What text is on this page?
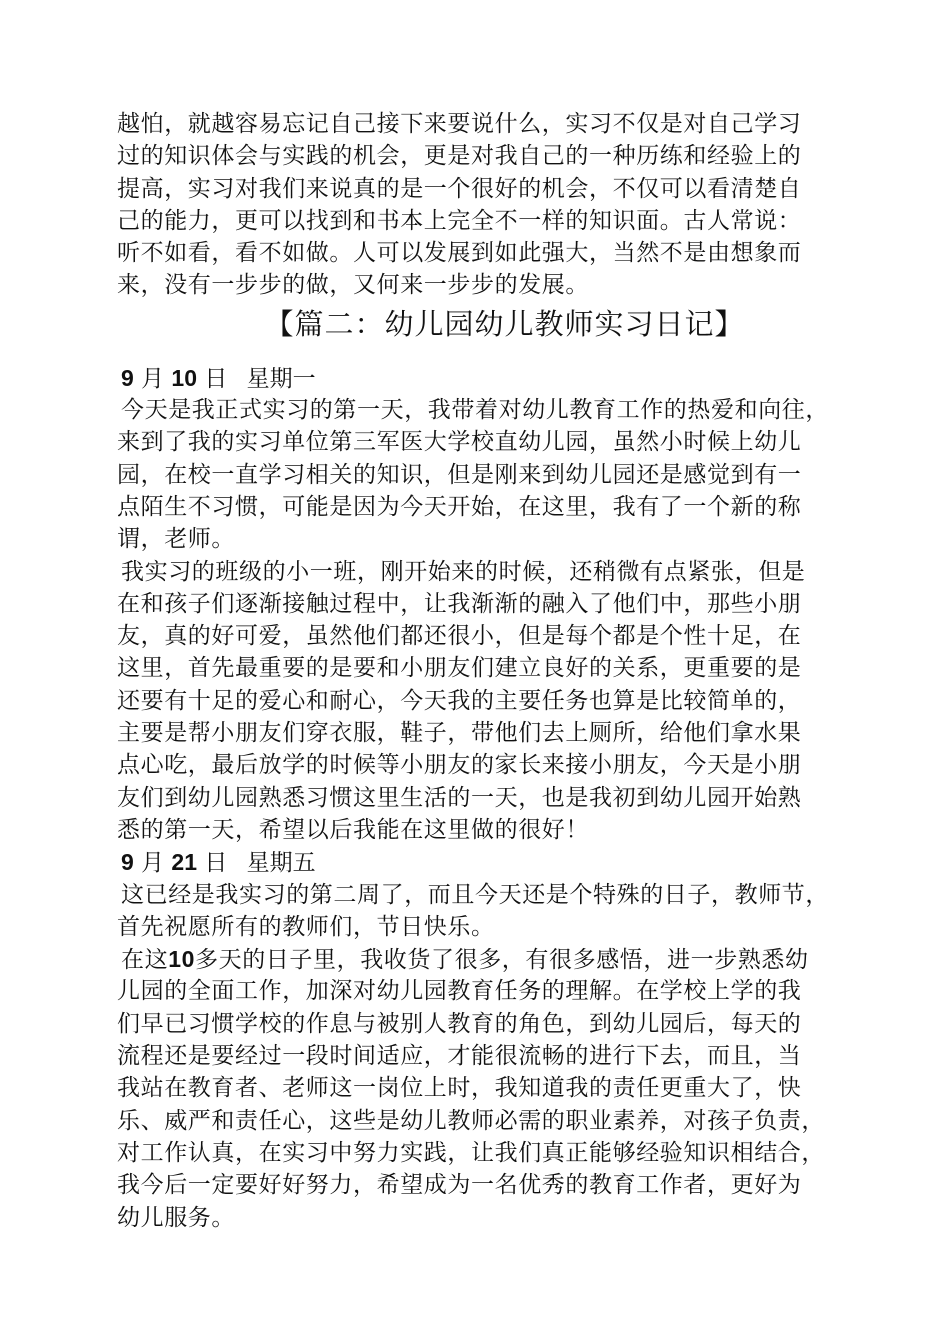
越怕，就越容易忘记自己接下来要说什么，实习不仅是对自己学习
过的知识体会与实践的机会，更是对我自己的一种历练和经验上的
提高，实习对我们来说真的是一个很好的机会，不仅可以看清楚自
己的能力，更可以找到和书本上完全不一样的知识面。古人常说：
听不如看，看不如做。人可以发展到如此强大，当然不是由想象而
来，没有一步步的做，又何来一步步的发展。
【篇二：幼儿园幼儿教师实习日记】
9 月 10 日 星期一
今天是我正式实习的第一天，我带着对幼儿教育工作的热爱和向往，
来到了我的实习单位第三军医大学校直幼儿园，虽然小时候上幼儿
园，在校一直学习相关的知识，但是刚来到幼儿园还是感觉到有一
点陌生不习惯，可能是因为今天开始，在这里，我有了一个新的称
谓，老师。
我实习的班级的小一班，刚开始来的时候，还稍微有点紧张，但是
在和孩子们逐渐接触过程中，让我渐渐的融入了他们中，那些小朋
友，真的好可爱，虽然他们都还很小，但是每个都是个性十足，在
这里，首先最重要的是要和小朋友们建立良好的关系，更重要的是
还要有十足的爱心和耐心，今天我的主要任务也算是比较简单的，
主要是帮小朋友们穿衣服，鞋子，带他们去上厕所，给他们拿水果
点心吃，最后放学的时候等小朋友的家长来接小朋友，今天是小朋
友们到幼儿园熟悉习惯这里生活的一天，也是我初到幼儿园开始熟
悉的第一天，希望以后我能在这里做的很好！
9 月 21 日 星期五
这已经是我实习的第二周了，而且今天还是个特殊的日子，教师节，
首先祝愿所有的教师们，节日快乐。
在这10多天的日子里，我收货了很多，有很多感悟，进一步熟悉幼
儿园的全面工作，加深对幼儿园教育任务的理解。在学校上学的我
们早已习惯学校的作息与被别人教育的角色，到幼儿园后，每天的
流程还是要经过一段时间适应，才能很流畅的进行下去，而且，当
我站在教育者、老师这一岗位上时，我知道我的责任更重大了，快
乐、威严和责任心，这些是幼儿教师必需的职业素养，对孩子负责，
对工作认真，在实习中努力实践，让我们真正能够经验知识相结合，
我今后一定要好好努力，希望成为一名优秀的教育工作者，更好为
幼儿服务。
